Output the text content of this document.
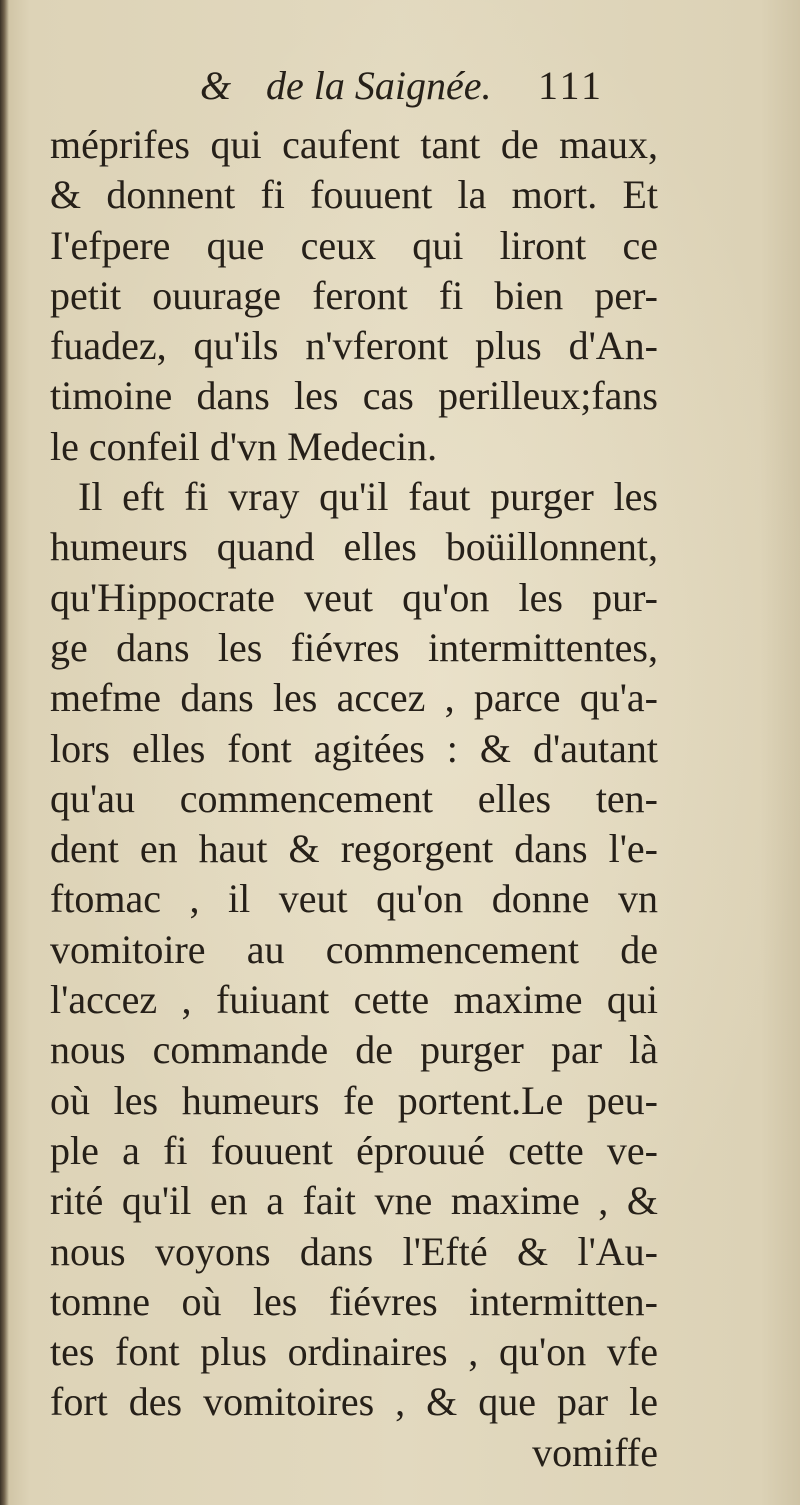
& de la Saignée. 111
méprifes qui caufent tant de maux,
& donnent fi fouuent la mort. Et
I'efpere que ceux qui liront ce
petit ouurage feront fi bien per-
fuadez, qu'ils n'vferont plus d'An-
timoine dans les cas perilleux;fans
le confeil d'vn Medecin.
Il eft fi vray qu'il faut purger les
humeurs quand elles boüillonnent,
qu'Hippocrate veut qu'on les pur-
ge dans les fiévres intermittentes,
mefme dans les accez , parce qu'a-
lors elles font agitées : & d'autant
qu'au commencement elles ten-
dent en haut & regorgent dans l'e-
ftomac , il veut qu'on donne vn
vomitoire au commencement de
l'accez , fuiuant cette maxime qui
nous commande de purger par là
où les humeurs fe portent.Le peu-
ple a fi fouuent éprouué cette ve-
rité qu'il en a fait vne maxime , &
nous voyons dans l'Efté & l'Au-
tomne où les fiévres intermitten-
tes font plus ordinaires , qu'on vfe
fort des vomitoires , & que par le
vomiffe
